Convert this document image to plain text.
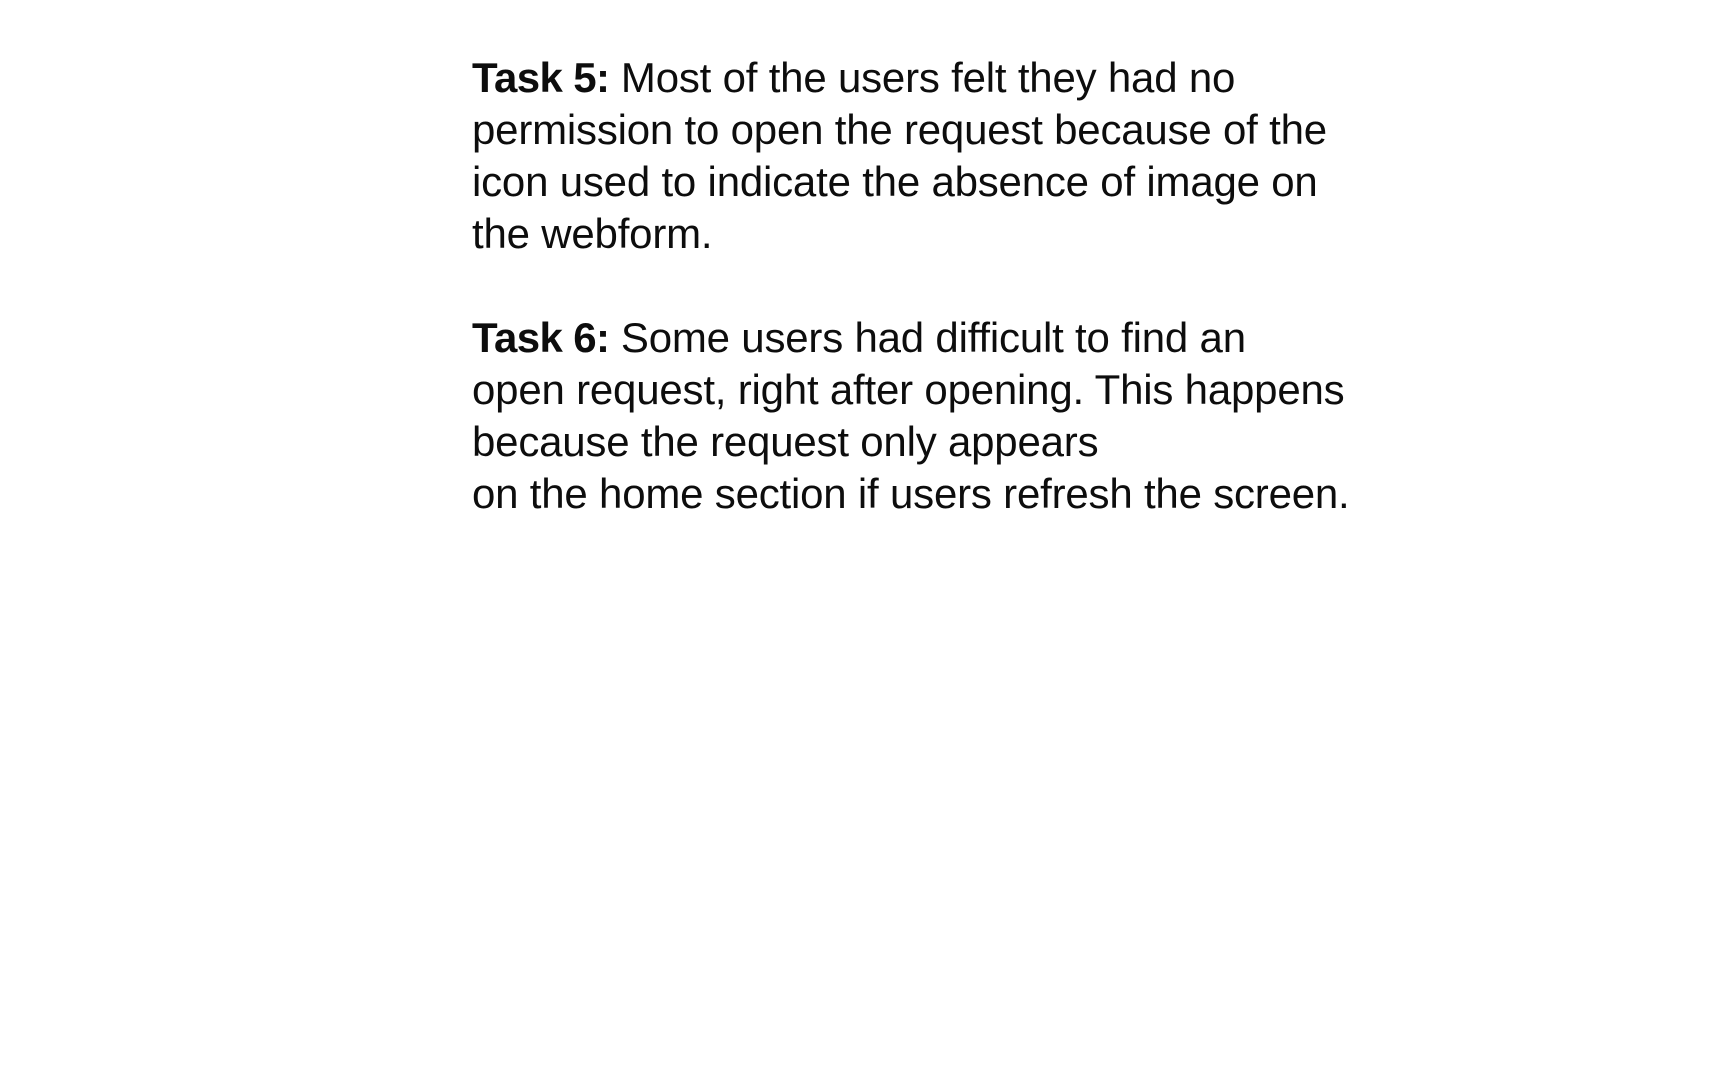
Task 5: Most of the users felt they had no
permission to open the request because of the
icon used to indicate the absence of image on
the webform.
Task 6: Some users had difficult to find an
open request, right after opening. This happens
because the request only appears
on the home section if users refresh the screen.
